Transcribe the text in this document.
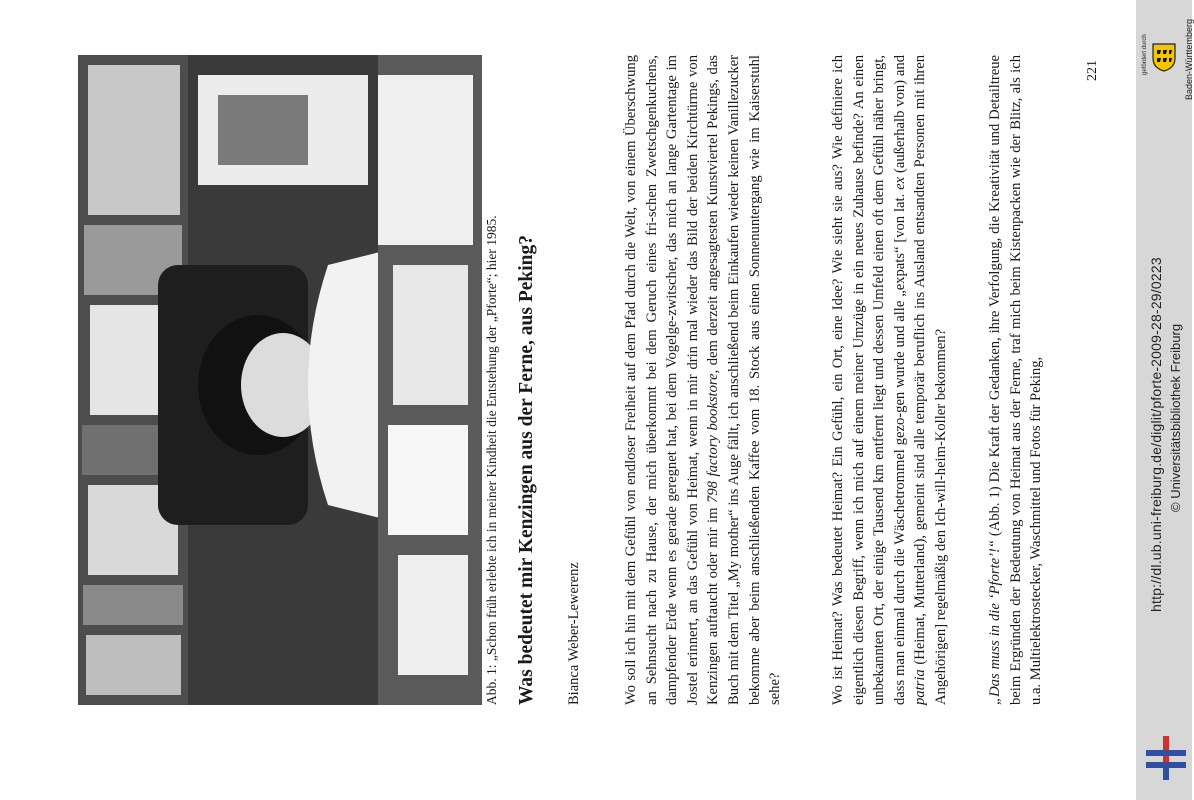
Abb. 1: „Schon früh erlebte ich in meiner Kindheit die Entstehung der „Pforte“; hier 1985. Was bedeutet mir Kenzingen aus der Ferne, aus Peking? Bianca Weber-Lewerenz	Wo soll ich hin mit dem Gefühl von endloser Freiheit auf dem Pfad durch die Welt, von einem Überschwung an Sehnsucht nach zu Hause, der mich überkommt bei dem Geruch eines fri-schen Zwetschgenkuchens, dampfender Erde wenn es gerade geregnet hat, bei dem Vogelge-zwitscher, das mich an lange Gartentage im Jostel erinnert, an das Gefühl von Heimat, wenn in mir drin mal wieder das Bild der beiden Kirchtürme von Kenzingen auftaucht oder mir im 798 factory bookstore, dem derzeit angesagtesten Kunstviertel Pekings, das Buch mit dem Titel „My mother“ ins Auge fällt, ich anschließend beim Einkaufen wieder keinen Vanillezucker bekomme aber beim anschließenden Kaffee vom 18. Stock aus einen Sonnenuntergang wie im Kaiserstuhl sehe?	Wo ist Heimat? Was bedeutet Heimat? Ein Gefühl, ein Ort, eine Idee? Wie sieht sie aus? Wie definiere ich eigentlich diesen Begriff, wenn ich mich auf einem meiner Umzüge in ein neues Zuhause befinde? An einen unbekannten Ort, der einige Tausend km entfernt liegt und dessen Umfeld einen oft dem Gefühl näher bringt, dass man einmal durch die Wäschetrommel gezo-gen wurde und alle „expats“ [von lat. ex (außerhalb von) and patria (Heimat, Mutterland), gemeint sind alle temporär beruflich ins Ausland entsandten Personen mit ihren Angehörigen] regelmäßig den Ich-will-heim-Koller bekommen?	„Das muss in die ‘Pforte’!“ (Abb. 1) Die Kraft der Gedanken, ihre Verfolgung, die Kreativität und Detailtreue beim Ergründen der Bedeutung von Heimat aus der Ferne, traf mich beim Kistenpacken wie der Blitz, als ich u.a. Multielektrostecker, Waschmittel und Fotos für Peking,
221	gefördert durch	Baden-Württemberg
http://dl.ub.uni-freiburg.de/diglit/pforte-2009-28-29/0223 © Universitätsbibliothek Freiburg
